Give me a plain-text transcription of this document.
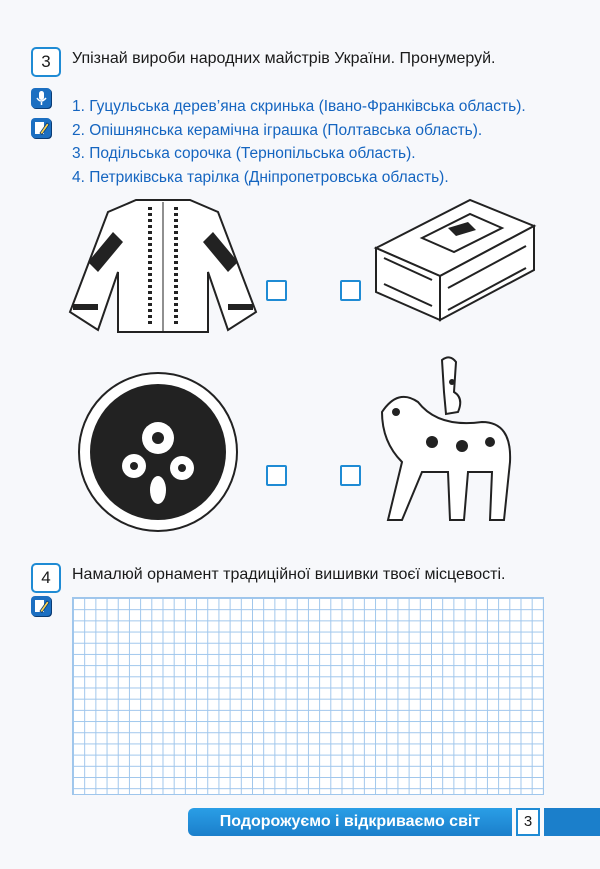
3	Упізнай вироби народних майстрів України. Пронумеруй.
1. Гуцульська дерев’яна скринька (Івано-Франківська область).
2. Опішнянська керамічна іграшка (Полтавська область).
3. Подільська сорочка (Тернопільська область).
4. Петриківська тарілка (Дніпропетровська область).
4	Намалюй орнамент традиційної вишивки твоєї місцевості.
Подорожуємо і відкриваємо світ	3
